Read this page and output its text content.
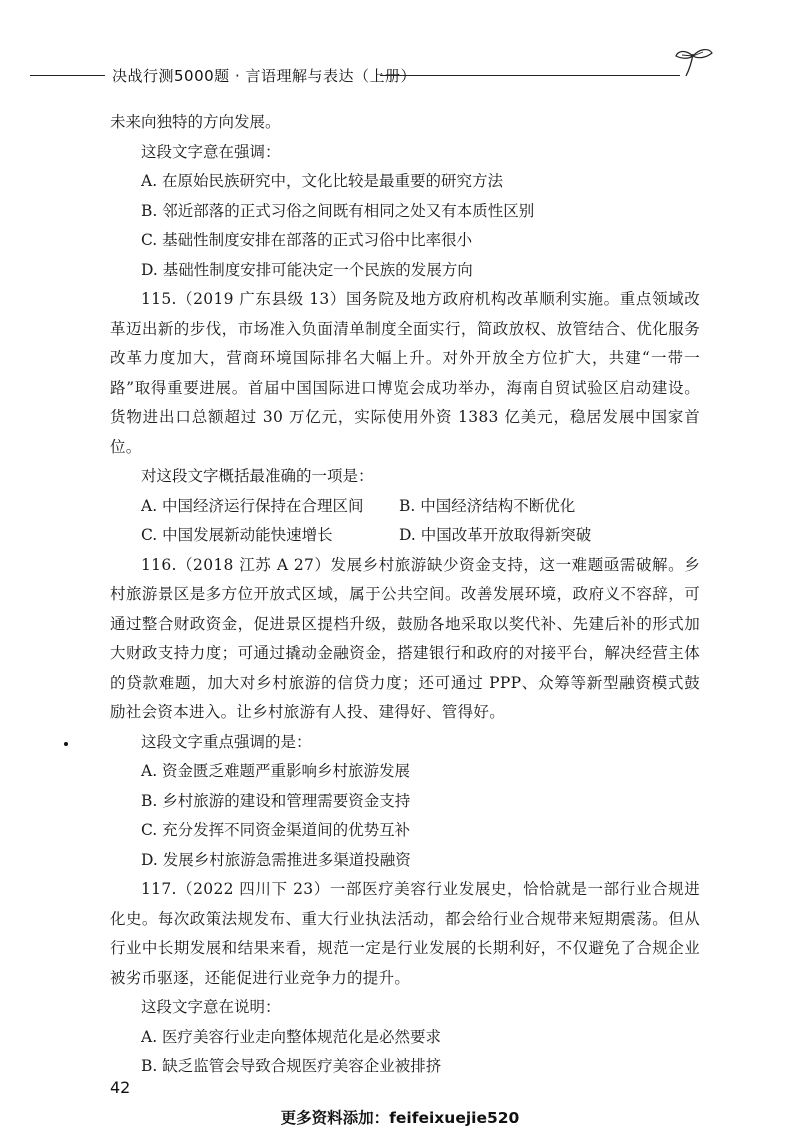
决战行测5000题 · 言语理解与表达（上册）

未来向独特的方向发展。

这段文字意在强调：

A. 在原始民族研究中，文化比较是最重要的研究方法

B. 邻近部落的正式习俗之间既有相同之处又有本质性区别

C. 基础性制度安排在部落的正式习俗中比率很小

D. 基础性制度安排可能决定一个民族的发展方向

115.（2019 广东县级 13）国务院及地方政府机构改革顺利实施。重点领域改革迈出新的步伐，市场准入负面清单制度全面实行，简政放权、放管结合、优化服务改革力度加大，营商环境国际排名大幅上升。对外开放全方位扩大，共建“一带一路”取得重要进展。首届中国国际进口博览会成功举办，海南自贸试验区启动建设。货物进出口总额超过 30 万亿元，实际使用外资 1383 亿美元，稳居发展中国家首位。

对这段文字概括最准确的一项是：

A. 中国经济运行保持在合理区间	B. 中国经济结构不断优化
C. 中国发展新动能快速增长	D. 中国改革开放取得新突破

116.（2018 江苏 A 27）发展乡村旅游缺少资金支持，这一难题亟需破解。乡村旅游景区是多方位开放式区域，属于公共空间。改善发展环境，政府义不容辞，可通过整合财政资金，促进景区提档升级，鼓励各地采取以奖代补、先建后补的形式加大财政支持力度；可通过撬动金融资金，搭建银行和政府的对接平台，解决经营主体的贷款难题，加大对乡村旅游的信贷力度；还可通过 PPP、众筹等新型融资模式鼓励社会资本进入。让乡村旅游有人投、建得好、管得好。

这段文字重点强调的是：

A. 资金匮乏难题严重影响乡村旅游发展

B. 乡村旅游的建设和管理需要资金支持

C. 充分发挥不同资金渠道间的优势互补

D. 发展乡村旅游急需推进多渠道投融资

117.（2022 四川下 23）一部医疗美容行业发展史，恰恰就是一部行业合规进化史。每次政策法规发布、重大行业执法活动，都会给行业合规带来短期震荡。但从行业中长期发展和结果来看，规范一定是行业发展的长期利好，不仅避免了合规企业被劣币驱逐，还能促进行业竞争力的提升。

这段文字意在说明：

A. 医疗美容行业走向整体规范化是必然要求

B. 缺乏监管会导致合规医疗美容企业被排挤

42
更多资料添加：feifeixuejie520
